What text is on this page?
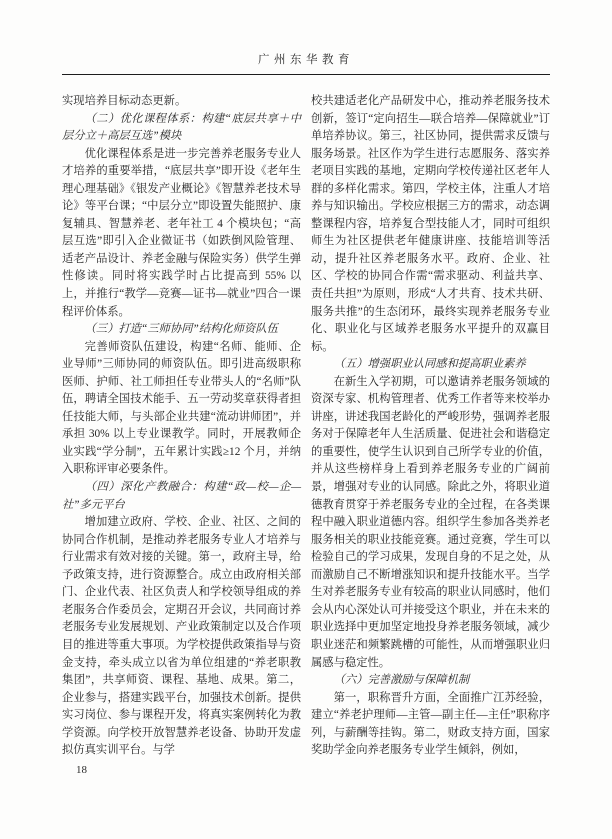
广州东华教育

实现培养目标动态更新。

（二）优化课程体系：构建“底层共享＋中层分立＋高层互选”模块

优化课程体系是进一步完善养老服务专业人才培养的重要举措，“底层共享”即开设《老年生理心理基础》《银发产业概论》《智慧养老技术导论》等平台课；“中层分立”即设置失能照护、康复辅具、智慧养老、老年社工 4 个模块包；“高层互选”即引入企业微证书（如跌倒风险管理、适老产品设计、养老金融与保险实务）供学生弹性修读。同时将实践学时占比提高到 55% 以上，并推行“教学—竞赛—证书—就业”四合一课程评价体系。

（三）打造“三师协同”结构化师资队伍

完善师资队伍建设，构建“名师、能师、企业导师”三师协同的师资队伍。即引进高级职称医师、护师、社工师担任专业带头人的“名师”队伍，聘请全国技术能手、五一劳动奖章获得者担任技能大师，与头部企业共建“流动讲师团”，并承担 30% 以上专业课教学。同时，开展教师企业实践“学分制”，五年累计实践≥12 个月，并纳入职称评审必要条件。

（四）深化产教融合：构建“政—校—企—社”多元平台

增加建立政府、学校、企业、社区、之间的协同合作机制，是推动养老服务专业人才培养与行业需求有效对接的关键。第一，政府主导，给予政策支持，进行资源整合。成立由政府相关部门、企业代表、社区负责人和学校领导组成的养老服务合作委员会，定期召开会议，共同商讨养老服务专业发展规划、产业政策制定以及合作项目的推进等重大事项。为学校提供政策指导与资金支持，牵头成立以省为单位组建的“养老职教集团”，共享师资、课程、基地、成果。第二，企业参与，搭建实践平台，加强技术创新。提供实习岗位、参与课程开发，将真实案例转化为教学资源。向学校开放智慧养老设备、协助开发虚拟仿真实训平台。与学

校共建适老化产品研发中心，推动养老服务技术创新，签订“定向招生—联合培养—保障就业”订单培养协议。第三，社区协同，提供需求反馈与服务场景。社区作为学生进行志愿服务、落实养老项目实践的基地，定期向学校传递社区老年人群的多样化需求。第四，学校主体，注重人才培养与知识输出。学校应根据三方的需求，动态调整课程内容，培养复合型技能人才，同时可组织师生为社区提供老年健康讲座、技能培训等活动，提升社区养老服务水平。政府、企业、社区、学校的协同合作需“需求驱动、利益共享、责任共担”为原则，形成“人才共育、技术共研、服务共推”的生态闭环，最终实现养老服务专业化、职业化与区域养老服务水平提升的双赢目标。

（五）增强职业认同感和提高职业素养

在新生入学初期，可以邀请养老服务领域的资深专家、机构管理者、优秀工作者等来校举办讲座，讲述我国老龄化的严峻形势，强调养老服务对于保障老年人生活质量、促进社会和谐稳定的重要性，使学生认识到自己所学专业的价值，并从这些榜样身上看到养老服务专业的广阔前景，增强对专业的认同感。除此之外，将职业道德教育贯穿于养老服务专业的全过程，在各类课程中融入职业道德内容。组织学生参加各类养老服务相关的职业技能竞赛。通过竞赛，学生可以检验自己的学习成果，发现自身的不足之处，从而激励自己不断增涨知识和提升技能水平。当学生对养老服务专业有较高的职业认同感时，他们会从内心深处认可并接受这个职业，并在未来的职业选择中更加坚定地投身养老服务领域，减少职业迷茫和频繁跳槽的可能性，从而增强职业归属感与稳定性。

（六）完善激励与保障机制

第一，职称晋升方面，全面推广江苏经验，建立“养老护理师—主管—副主任—主任”职称序列，与薪酬等挂钩。第二，财政支持方面，国家奖助学金向养老服务专业学生倾斜，例如，

18
